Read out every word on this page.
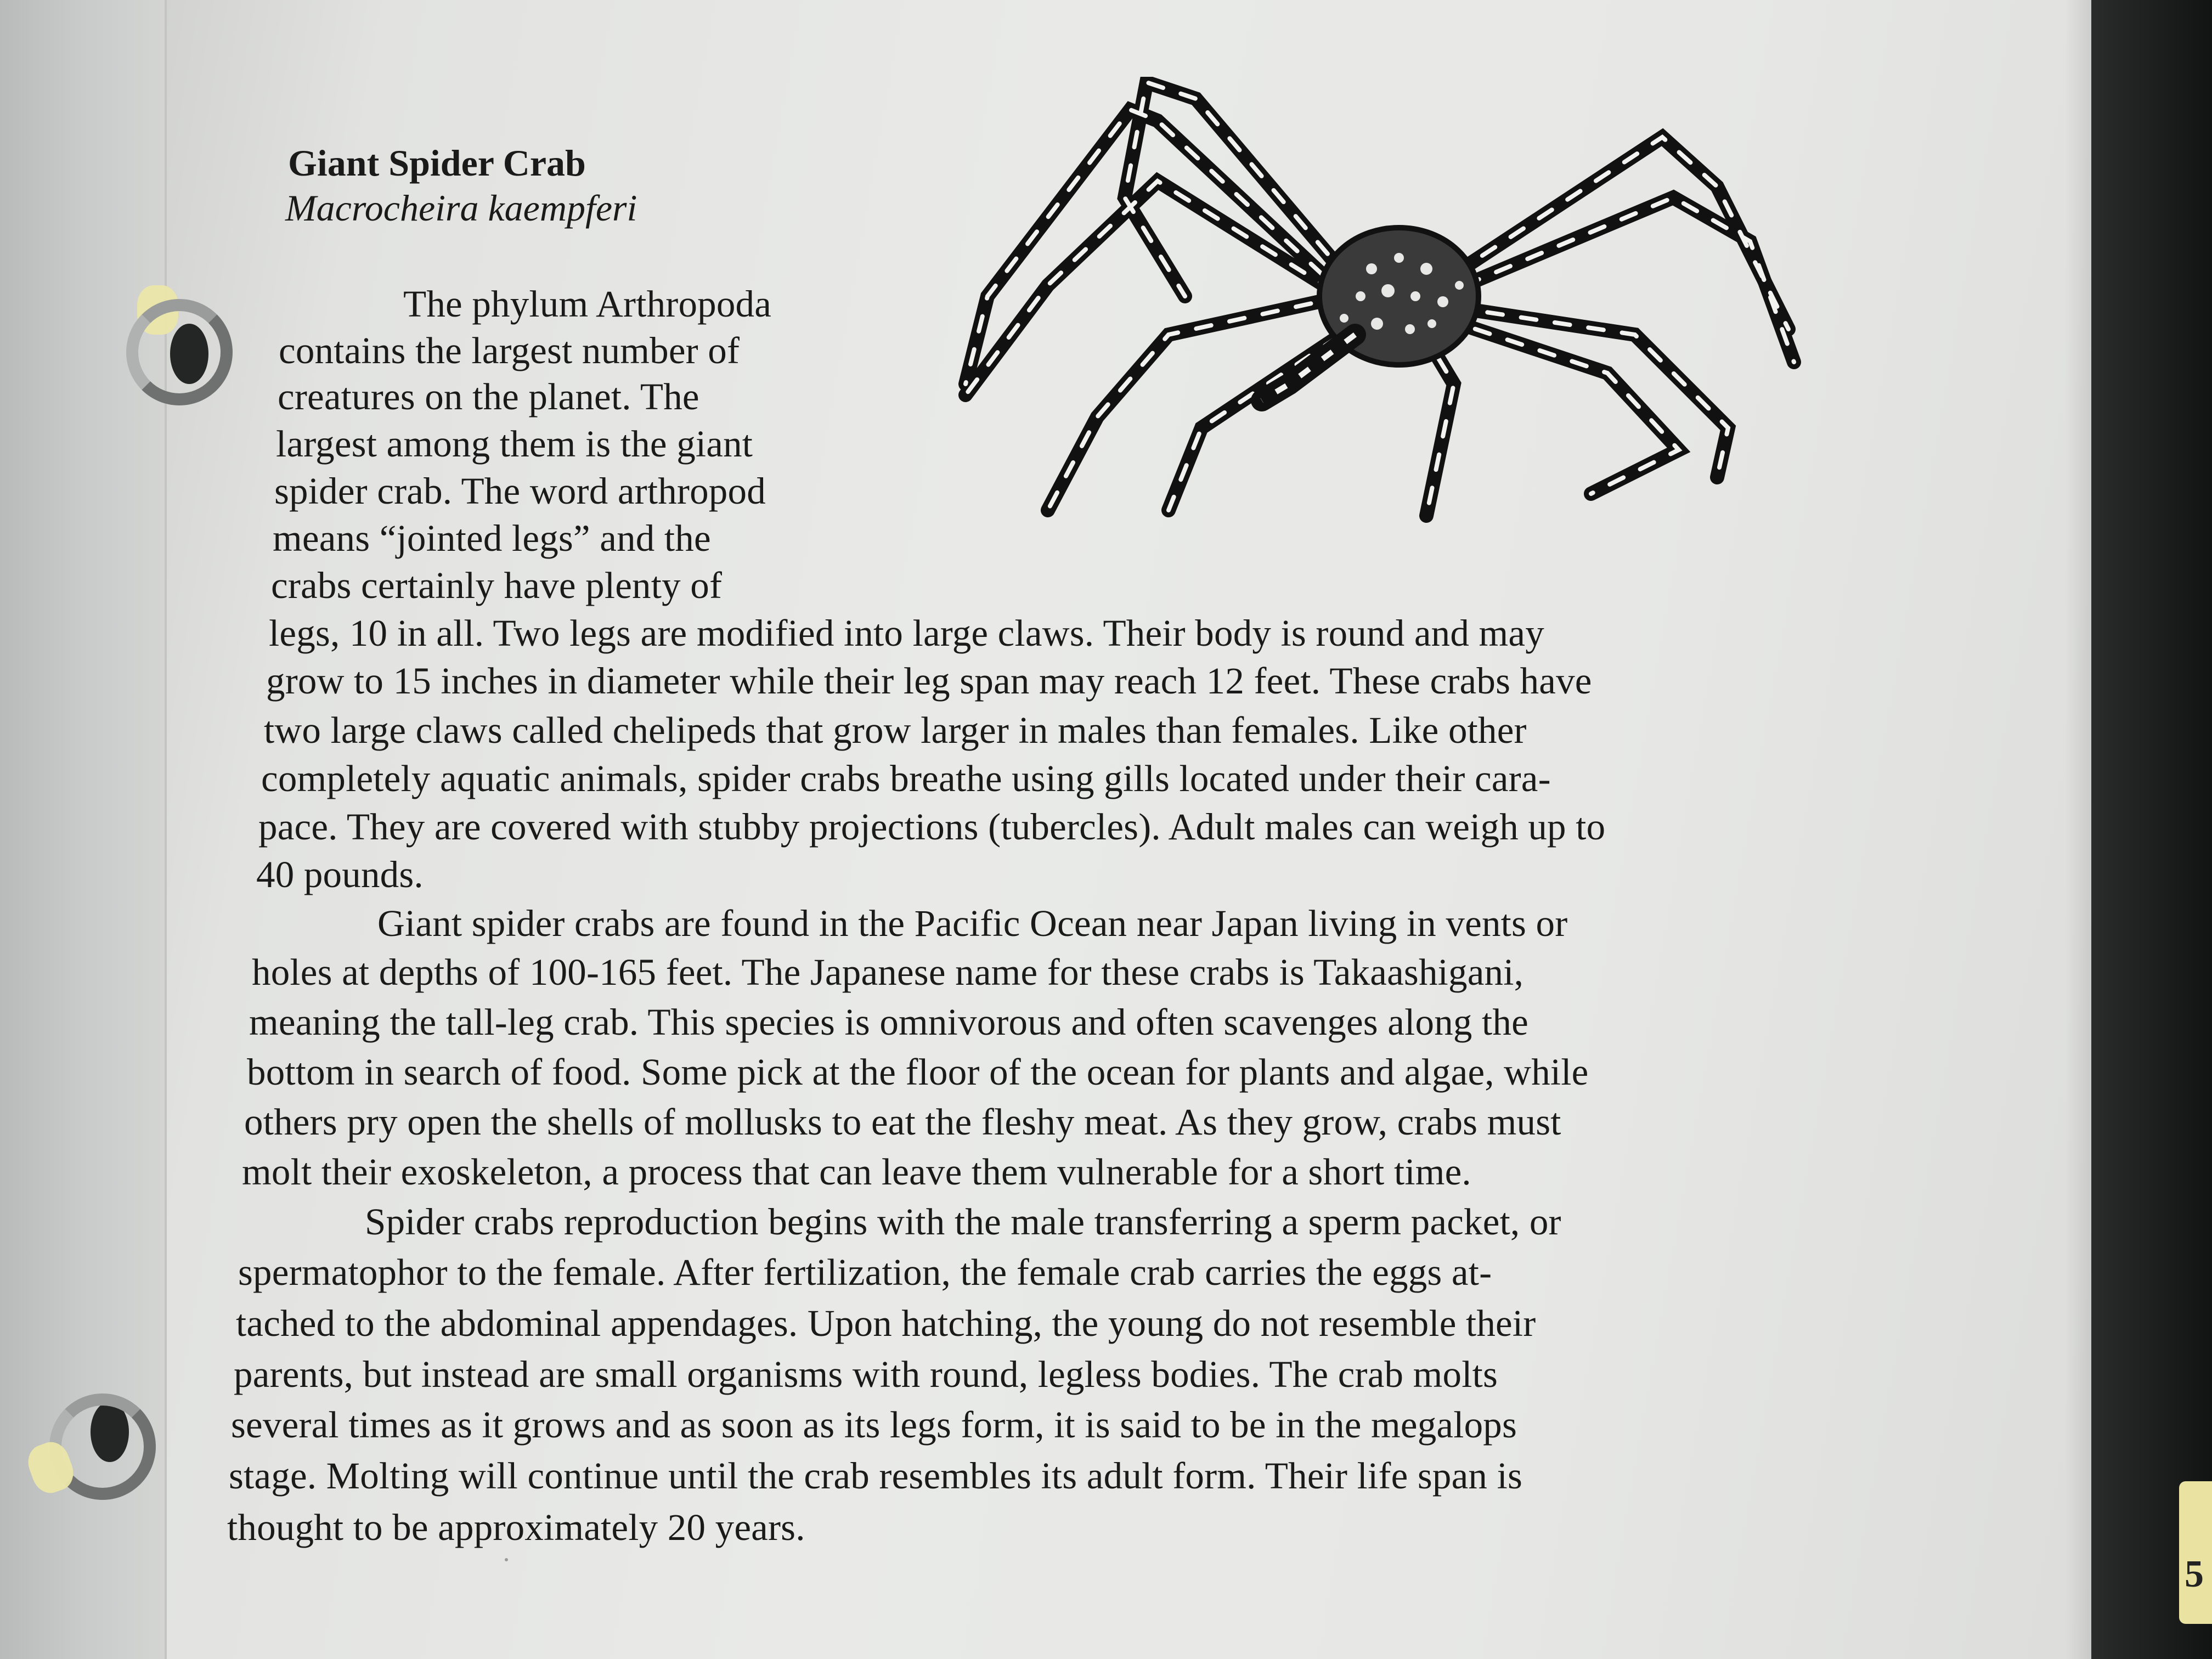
5
Giant Spider Crab
Macrocheira kaempferi
The phylum Arthropoda
contains the largest number of
creatures on the planet. The
largest among them is the giant
spider crab. The word arthropod
means “jointed legs” and the
crabs certainly have plenty of
legs, 10 in all. Two legs are modified into large claws. Their body is round and may
grow to 15 inches in diameter while their leg span may reach 12 feet. These crabs have
two large claws called chelipeds that grow larger in males than females. Like other
completely aquatic animals, spider crabs breathe using gills located under their cara-
pace. They are covered with stubby projections (tubercles). Adult males can weigh up to
40 pounds.
Giant spider crabs are found in the Pacific Ocean near Japan living in vents or
holes at depths of 100-165 feet. The Japanese name for these crabs is Takaashigani,
meaning the tall-leg crab. This species is omnivorous and often scavenges along the
bottom in search of food. Some pick at the floor of the ocean for plants and algae, while
others pry open the shells of mollusks to eat the fleshy meat. As they grow, crabs must
molt their exoskeleton, a process that can leave them vulnerable for a short time.
Spider crabs reproduction begins with the male transferring a sperm packet, or
spermatophor to the female. After fertilization, the female crab carries the eggs at-
tached to the abdominal appendages. Upon hatching, the young do not resemble their
parents, but instead are small organisms with round, legless bodies. The crab molts
several times as it grows and as soon as its legs form, it is said to be in the megalops
stage. Molting will continue until the crab resembles its adult form. Their life span is
thought to be approximately 20 years.
